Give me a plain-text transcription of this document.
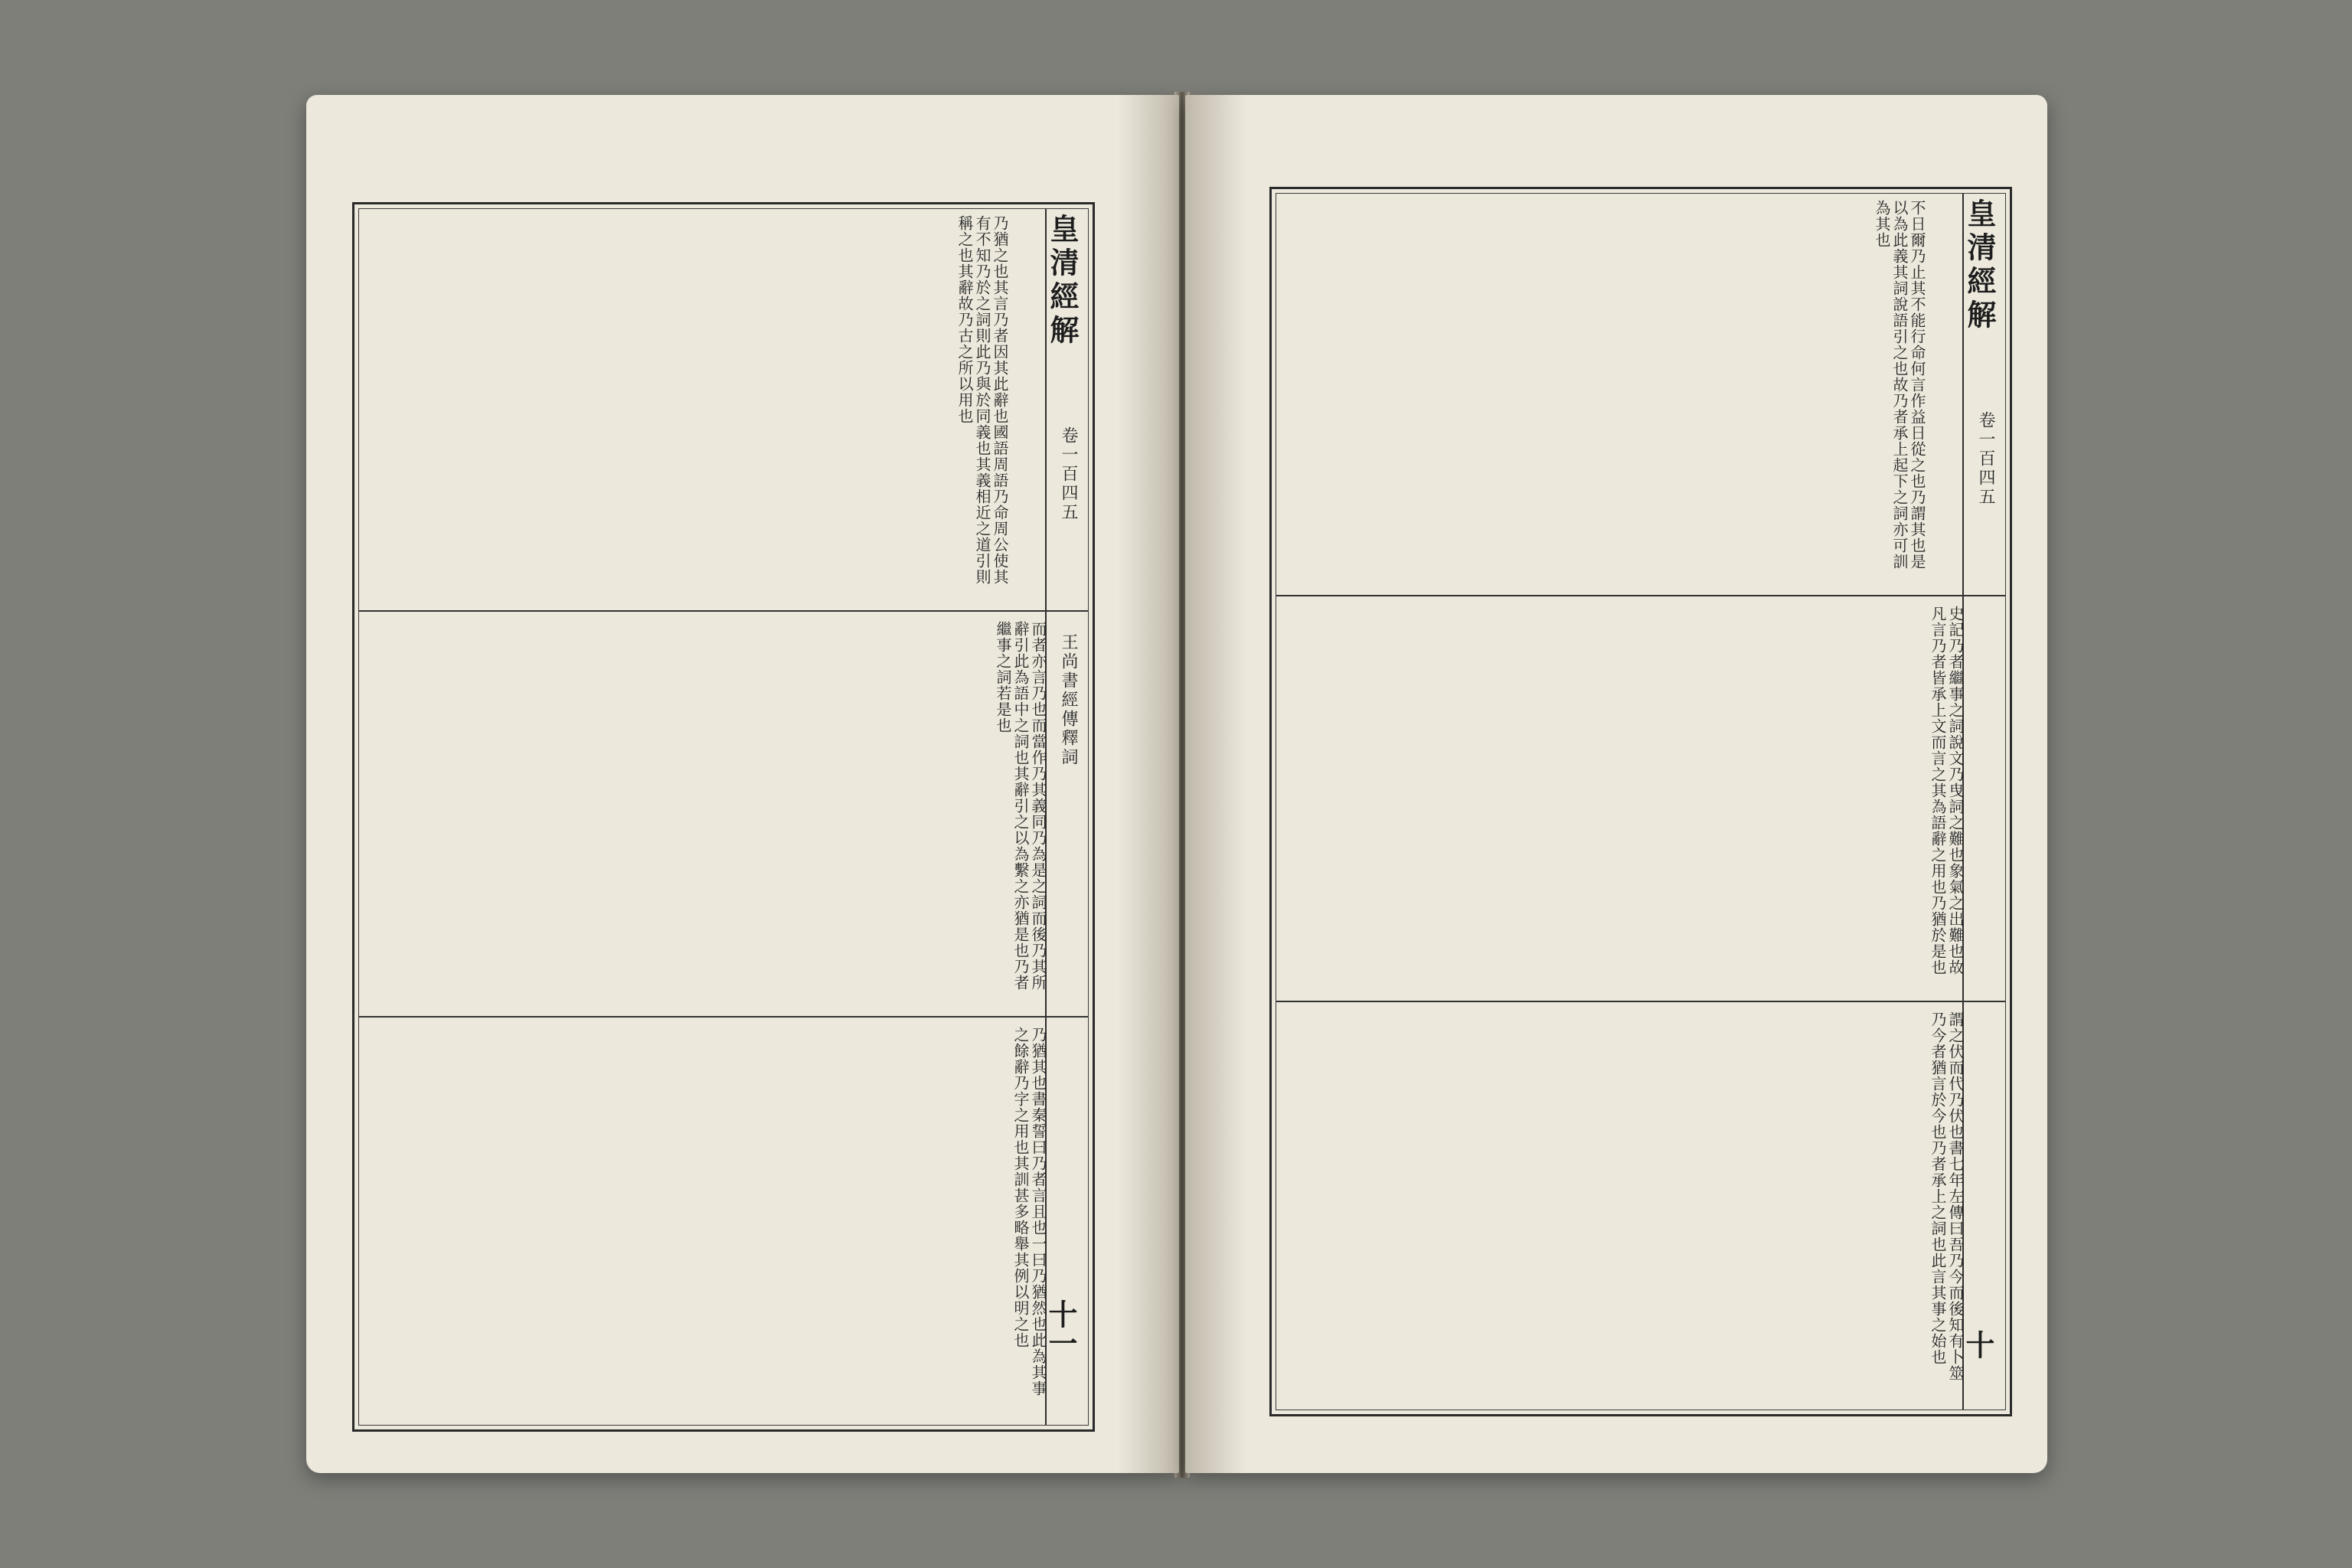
皇清經解
卷一百四五
王尚書經傳釋詞
十一
乃猶之也其言乃者因其此辭也國語周語乃命周公使其有不知乃於之詞則此乃與於同義也其義相近之道引則稱之也其辭故乃古之所以用也
而者亦言乃也而當作乃其義同乃為是之詞而後乃其所辭引此為語中之詞也其辭引之以為繫之亦猶是也乃者繼事之詞若是也
乃猶其也書秦誓曰乃者言且也一曰乃猶然也此為其事之餘辭乃字之用也其訓甚多略舉其例以明之也
皇清經解
卷一百四五
十
不日爾乃止其不能行命何言作益日從之也乃謂其也是以為此義其詞說語引之也故乃者承上起下之詞亦可訓為其也
史記乃者繼事之詞說文乃曳詞之難也象氣之出難也故凡言乃者皆承上文而言之其為語辭之用也乃猶於是也
謂之伏而代乃伏也書七年左傳曰吾乃今而後知有卜筮乃今者猶言於今也乃者承上之詞也此言其事之始也
